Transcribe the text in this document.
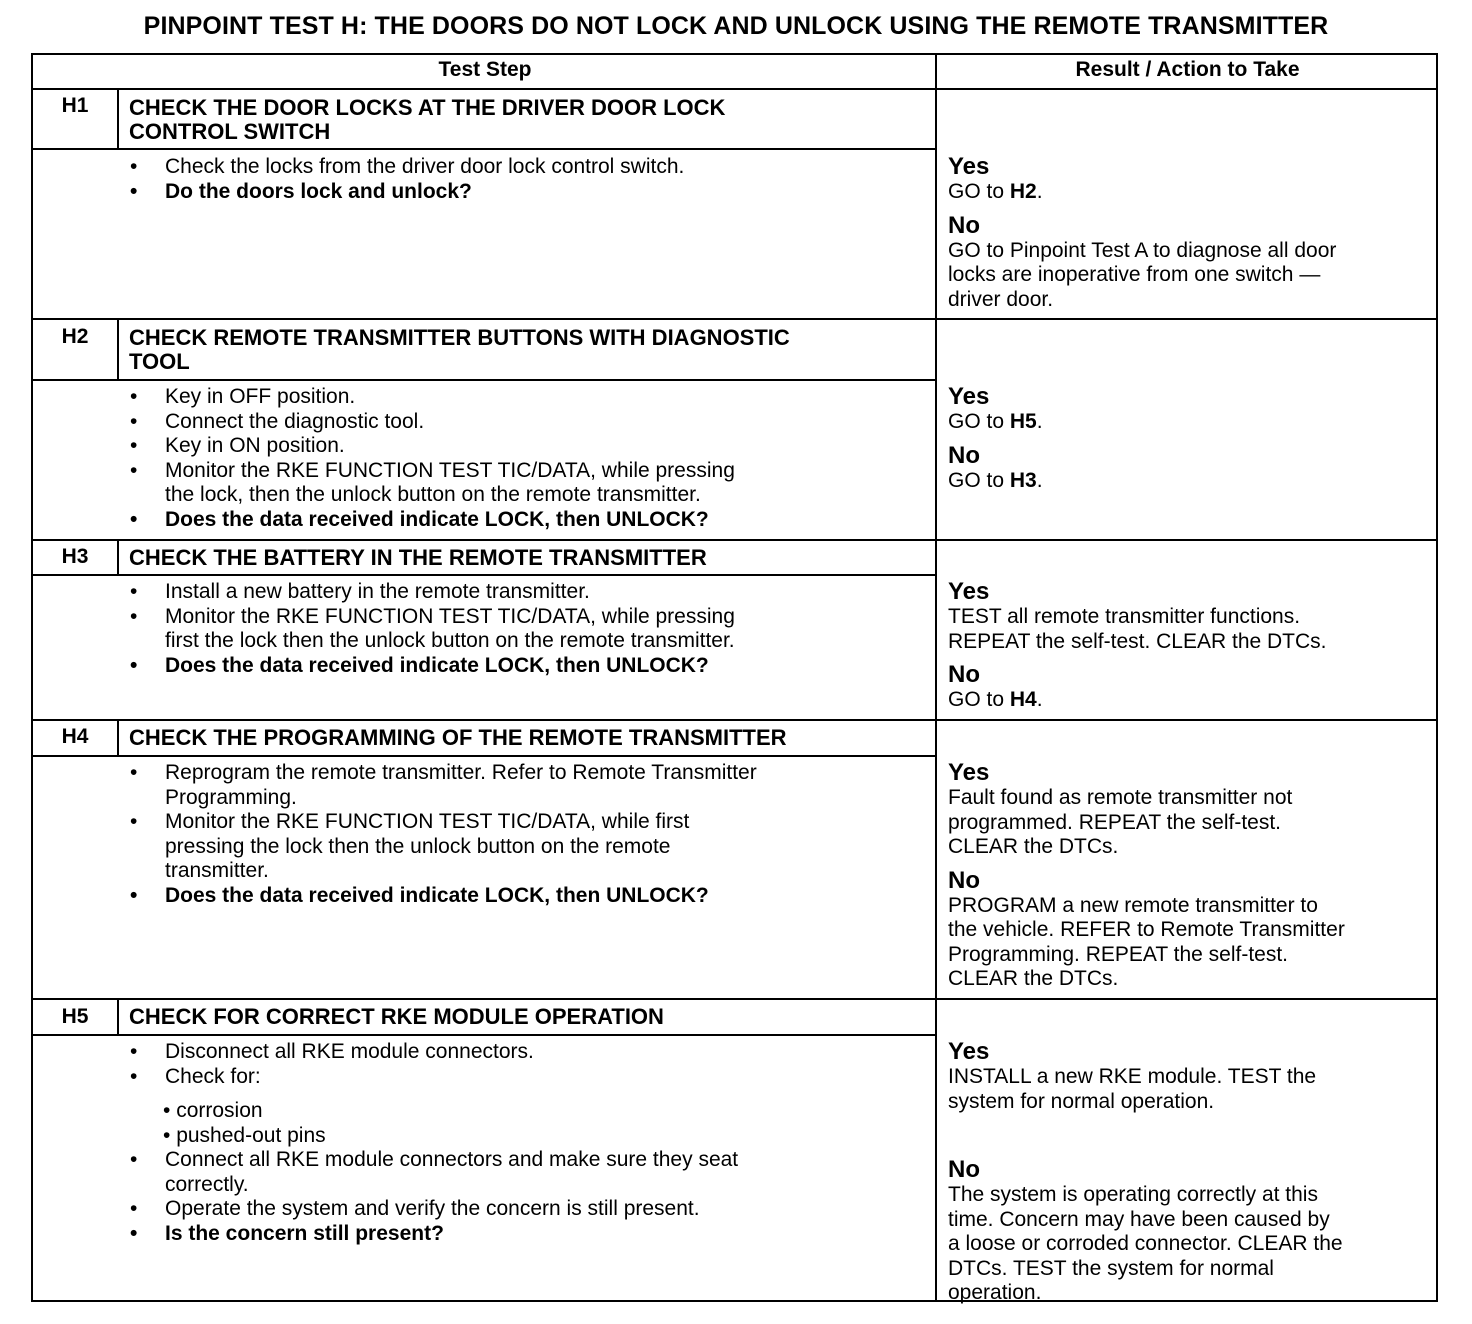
PINPOINT TEST H: THE DOORS DO NOT LOCK AND UNLOCK USING THE REMOTE TRANSMITTER
Test Step	Result / Action to Take
H1	CHECK THE DOOR LOCKS AT THE DRIVER DOOR LOCK
CONTROL SWITCH
• Check the locks from the driver door lock control switch.
• Do the doors lock and unlock?
Yes
GO to H2.
No
GO to Pinpoint Test A to diagnose all door
locks are inoperative from one switch —
driver door.
H2	CHECK REMOTE TRANSMITTER BUTTONS WITH DIAGNOSTIC
TOOL
• Key in OFF position.
• Connect the diagnostic tool.
• Key in ON position.
• Monitor the RKE FUNCTION TEST TIC/DATA, while pressing
the lock, then the unlock button on the remote transmitter.
• Does the data received indicate LOCK, then UNLOCK?
Yes
GO to H5.
No
GO to H3.
H3	CHECK THE BATTERY IN THE REMOTE TRANSMITTER
• Install a new battery in the remote transmitter.
• Monitor the RKE FUNCTION TEST TIC/DATA, while pressing
first the lock then the unlock button on the remote transmitter.
• Does the data received indicate LOCK, then UNLOCK?
Yes
TEST all remote transmitter functions.
REPEAT the self-test. CLEAR the DTCs.
No
GO to H4.
H4	CHECK THE PROGRAMMING OF THE REMOTE TRANSMITTER
• Reprogram the remote transmitter. Refer to Remote Transmitter
Programming.
• Monitor the RKE FUNCTION TEST TIC/DATA, while first
pressing the lock then the unlock button on the remote
transmitter.
• Does the data received indicate LOCK, then UNLOCK?
Yes
Fault found as remote transmitter not
programmed. REPEAT the self-test.
CLEAR the DTCs.
No
PROGRAM a new remote transmitter to
the vehicle. REFER to Remote Transmitter
Programming. REPEAT the self-test.
CLEAR the DTCs.
H5	CHECK FOR CORRECT RKE MODULE OPERATION
• Disconnect all RKE module connectors.
• Check for:
• corrosion
• pushed-out pins
• Connect all RKE module connectors and make sure they seat
correctly.
• Operate the system and verify the concern is still present.
• Is the concern still present?
Yes
INSTALL a new RKE module. TEST the
system for normal operation.
No
The system is operating correctly at this
time. Concern may have been caused by
a loose or corroded connector. CLEAR the
DTCs. TEST the system for normal
operation.
